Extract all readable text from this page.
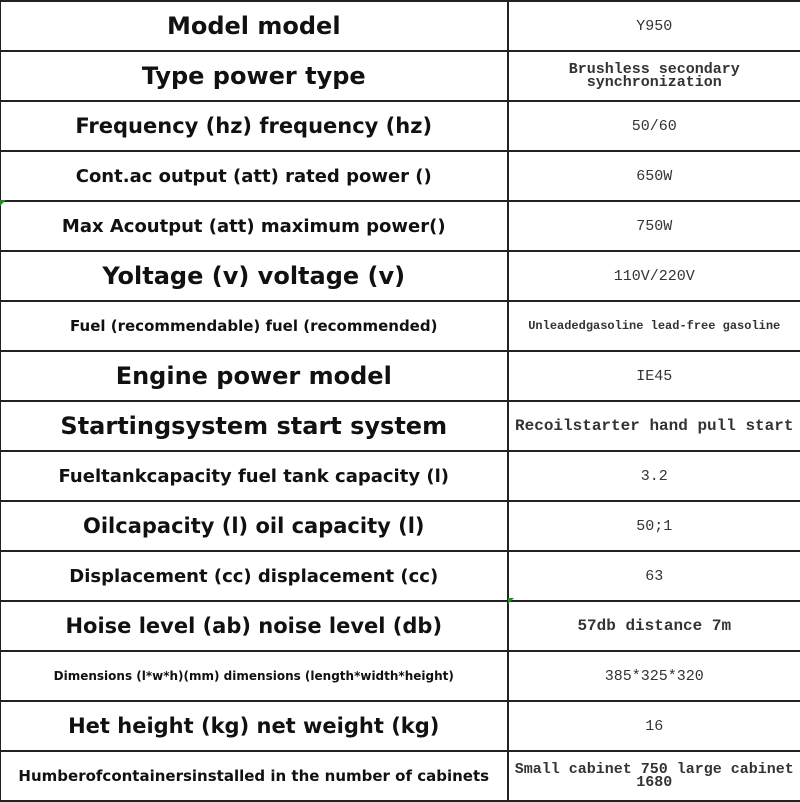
Model model	Y950
Type power type	Brushless secondary synchronization
Frequency (hz) frequency (hz)	50/60
Cont.ac output (att) rated power ()	650W
Max Acoutput (att) maximum power()	750W
Yoltage (v) voltage (v)	110V/220V
Fuel (recommendable) fuel (recommended)	Unleadedgasoline lead-free gasoline
Engine power model	IE45
Startingsystem start system	Recoilstarter hand pull start
Fueltankcapacity fuel tank capacity (l)	3.2
Oilcapacity (l) oil capacity (l)	50;1
Displacement (cc) displacement (cc)	63
Hoise level (ab) noise level (db)	57db distance 7m
Dimensions (l*w*h)(mm) dimensions (length*width*height)	385*325*320
Het height (kg) net weight (kg)	16
Humberofcontainersinstalled in the number of cabinets	Small cabinet 750 large cabinet 1680
